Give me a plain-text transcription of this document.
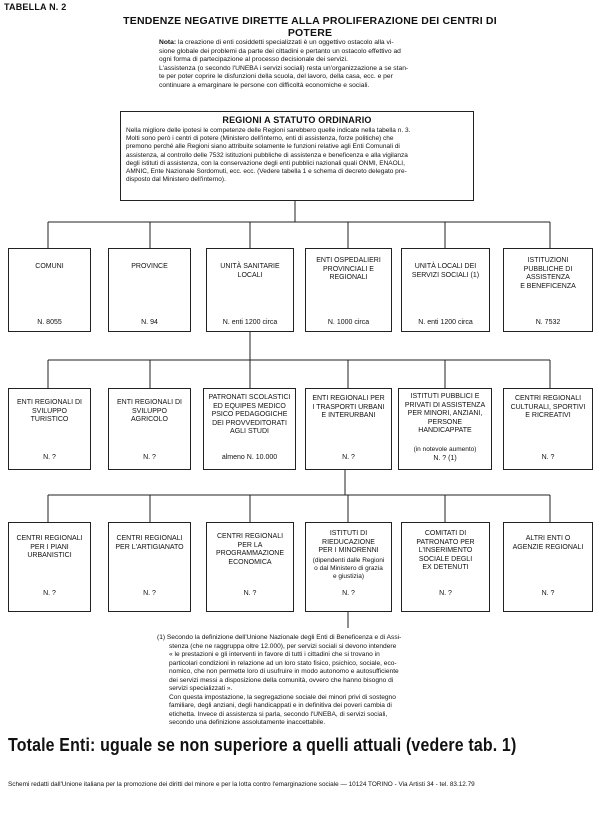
TABELLA N. 2
TENDENZE NEGATIVE DIRETTE ALLA PROLIFERAZIONE DEI CENTRI DI POTERE
Nota: la creazione di enti cosiddetti specializzati è un oggettivo ostacolo alla vi-
sione globale dei problemi da parte dei cittadini e pertanto un ostacolo effettivo ad
ogni forma di partecipazione al processo decisionale dei servizi.
L'assistenza (o secondo l'UNEBA i servizi sociali) resta un'organizzazione a se stan-
te per poter coprire le disfunzioni della scuola, del lavoro, della casa, ecc. e per
continuare a emarginare le persone con difficoltà economiche e sociali.
REGIONI A STATUTO ORDINARIO
Nella migliore delle ipotesi le competenze delle Regioni sarebbero quelle indicate nella tabella n. 3.
Molti sono però i centri di potere (Ministero dell'interno, enti di assistenza, forze politiche) che
premono perché alle Regioni siano attribuite solamente le funzioni relative agli Enti Comunali di
assistenza, al controllo delle 7532 istituzioni pubbliche di assistenza e beneficenza e alla vigilanza
degli istituti di assistenza, con la conservazione degli enti pubblici nazionali quali ONMI, ENAOLI,
AMNIC, Ente Nazionale Sordomuti, ecc. ecc. (Vedere tabella 1 e schema di decreto delegato pre-
disposto dal Ministero dell'interno).
COMUNI
N. 8055
PROVINCE
N. 94
UNITÀ SANITARIE
LOCALI
N. enti 1200 circa
ENTI OSPEDALIERI
PROVINCIALI E
REGIONALI
N. 1000 circa
UNITÀ LOCALI DEI
SERVIZI SOCIALI (1)
N. enti 1200 circa
ISTITUZIONI
PUBBLICHE DI
ASSISTENZA
E BENEFICENZA
N. 7532
ENTI REGIONALI DI
SVILUPPO TURISTICO
N. ?
ENTI REGIONALI DI
SVILUPPO AGRICOLO
N. ?
PATRONATI SCOLASTICI
ED EQUIPES MEDICO
PSICO PEDAGOGICHE
DEI PROVVEDITORATI
AGLI STUDI
almeno N. 10.000
ENTI REGIONALI PER
I TRASPORTI URBANI
E INTERURBANI
N. ?
ISTITUTI PUBBLICI E
PRIVATI DI ASSISTENZA
PER MINORI, ANZIANI,
PERSONE
HANDICAPPATE
(in notevole aumento)
N. ? (1)
CENTRI REGIONALI
CULTURALI, SPORTIVI
E RICREATIVI
N. ?
CENTRI REGIONALI
PER I PIANI
URBANISTICI
N. ?
CENTRI REGIONALI
PER L'ARTIGIANATO
N. ?
CENTRI REGIONALI
PER LA
PROGRAMMAZIONE
ECONOMICA
N. ?
ISTITUTI DI
RIEDUCAZIONE
PER I MINORENNI
(dipendenti dalle Regioni
o dal Ministero di grazia
e giustizia)
N. ?
COMITATI DI
PATRONATO PER
L'INSERIMENTO
SOCIALE DEGLI
EX DETENUTI
N. ?
ALTRI ENTI O
AGENZIE REGIONALI
N. ?
(1) Secondo la definizione dell'Unione Nazionale degli Enti di Beneficenza e di Assi-
stenza (che ne raggruppa oltre 12.000), per servizi sociali si devono intendere
« le prestazioni e gli interventi in favore di tutti i cittadini che si trovano in
particolari condizioni in relazione ad un loro stato fisico, psichico, sociale, eco-
nomico, che non permette loro di usufruire in modo autonomo e autosufficiente
dei servizi messi a disposizione della comunità, ovvero che hanno bisogno di
servizi specializzati ».
Con questa impostazione, la segregazione sociale dei minori privi di sostegno
familiare, degli anziani, degli handicappati e in definitiva dei poveri cambia di
etichetta. Invece di assistenza si parla, secondo l'UNEBA, di servizi sociali,
secondo una definizione assolutamente inaccettabile.
Totale Enti: uguale se non superiore a quelli attuali (vedere tab. 1)
Schemi redatti dall'Unione italiana per la promozione dei diritti del minore e per la lotta contro l'emarginazione sociale — 10124 TORINO - Via Artisti 34 - tel. 83.12.79
